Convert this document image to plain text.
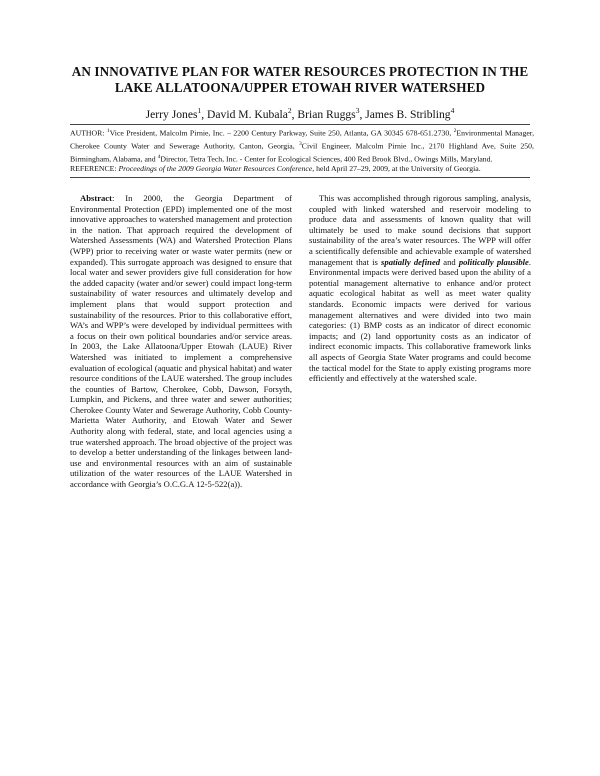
AN INNOVATIVE PLAN FOR WATER RESOURCES PROTECTION IN THE
LAKE ALLATOONA/UPPER ETOWAH RIVER WATERSHED
Jerry Jones$^1$, David M. Kubala$^2$, Brian Ruggs$^3$, James B. Stribling$^4$
AUTHOR: $^1$Vice President, Malcolm Pirnie, Inc. – 2200 Century Parkway, Suite 250, Atlanta, GA 30345 678-651.2730, $^2$Environmental Manager, Cherokee County Water and Sewerage Authority, Canton, Georgia, $^3$Civil Engineer, Malcolm Pirnie Inc., 2170 Highland Ave, Suite 250, Birmingham, Alabama, and $^4$Director, Tetra Tech, Inc. - Center for Ecological Sciences, 400 Red Brook Blvd., Owings Mills, Maryland.
REFERENCE: Proceedings of the 2009 Georgia Water Resources Conference, held April 27–29, 2009, at the University of Georgia.

Abstract: In 2000, the Georgia Department of Environmental Protection (EPD) implemented one of the most innovative approaches to watershed management and protection in the nation. That approach required the development of Watershed Assessments (WA) and Watershed Protection Plans (WPP) prior to receiving water or waste water permits (new or expanded). This surrogate approach was designed to ensure that local water and sewer providers give full consideration for how the added capacity (water and/or sewer) could impact long-term sustainability of water resources and ultimately develop and implement plans that would support protection and sustainability of the resources. Prior to this collaborative effort, WA’s and WPP’s were developed by individual permittees with a focus on their own political boundaries and/or service areas. In 2003, the Lake Allatoona/Upper Etowah (LAUE) River Watershed was initiated to implement a comprehensive evaluation of ecological (aquatic and physical habitat) and water resource conditions of the LAUE watershed. The group includes the counties of Bartow, Cherokee, Cobb, Dawson, Forsyth, Lumpkin, and Pickens, and three water and sewer authorities; Cherokee County Water and Sewerage Authority, Cobb County-Marietta Water Authority, and Etowah Water and Sewer Authority along with federal, state, and local agencies using a true watershed approach. The broad objective of the project was to develop a better understanding of the linkages between land-use and environmental resources with an aim of sustainable utilization of the water resources of the LAUE Watershed in accordance with Georgia’s O.C.G.A 12-5-522(a)).

This was accomplished through rigorous sampling, analysis, coupled with linked watershed and reservoir modeling to produce data and assessments of known quality that will ultimately be used to make sound decisions that support sustainability of the area’s water resources. The WPP will offer a scientifically defensible and achievable example of watershed management that is spatially defined and politically plausible. Environmental impacts were derived based upon the ability of a potential management alternative to enhance and/or protect aquatic ecological habitat as well as meet water quality standards. Economic impacts were derived for various management alternatives and were divided into two main categories: (1) BMP costs as an indicator of direct economic impacts; and (2) land opportunity costs as an indicator of indirect economic impacts. This collaborative framework links all aspects of Georgia State Water programs and could become the tactical model for the State to apply existing programs more efficiently and effectively at the watershed scale.
